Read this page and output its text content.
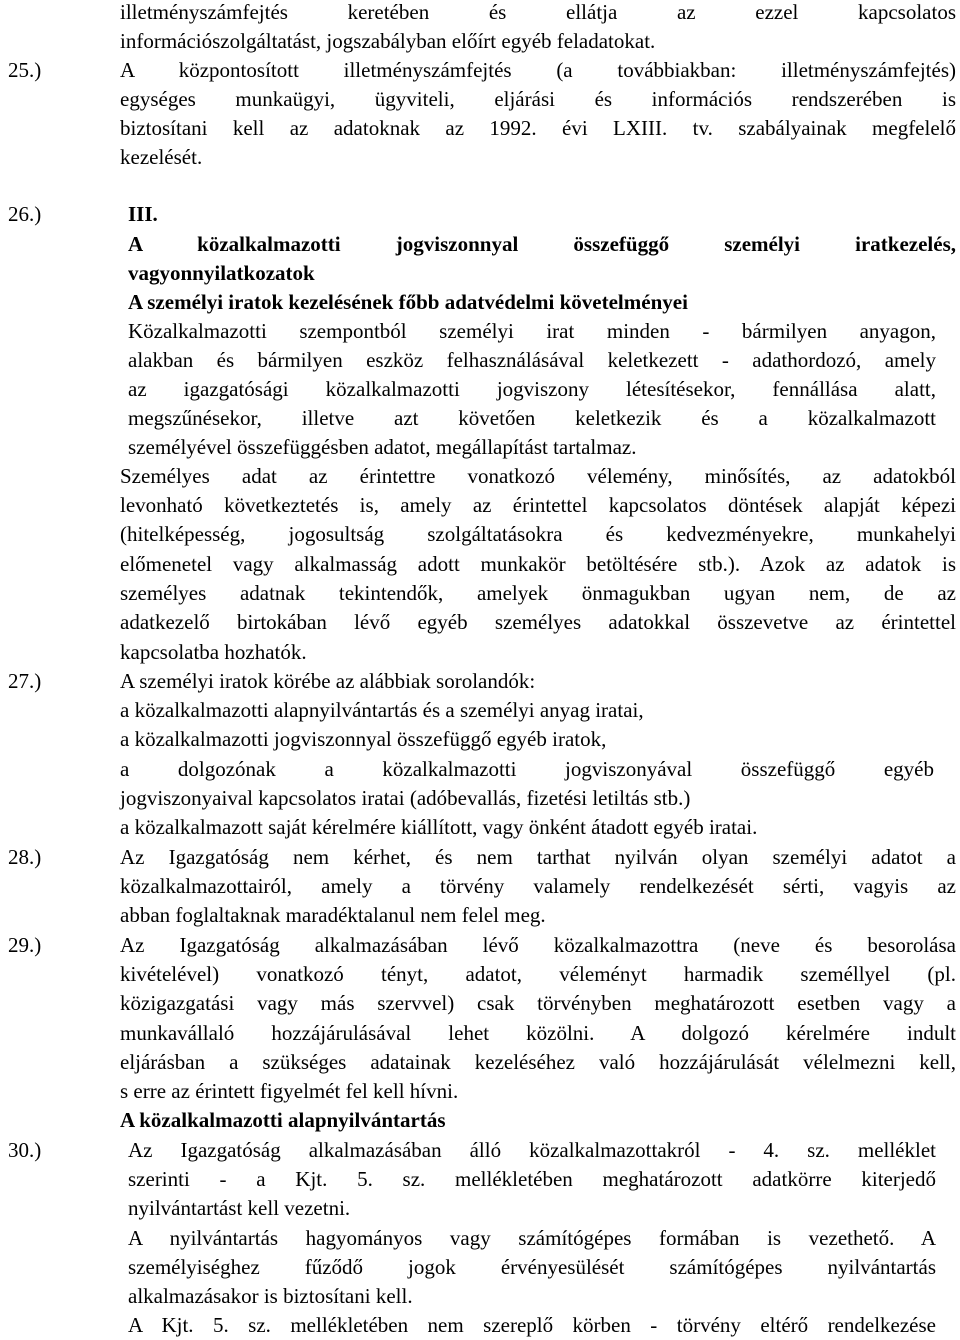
illetményszámfejtés keretében és ellátja az ezzel kapcsolatos
információszolgáltatást, jogszabályban előírt egyéb feladatokat.
25.)	A központosított illetményszámfejtés (a továbbiakban: illetményszámfejtés)
egységes munkaügyi, ügyviteli, eljárási és információs rendszerében is
biztosítani kell az adatoknak az 1992. évi LXIII. tv. szabályainak megfelelő
kezelését.
26.)	III.
A közalkalmazotti jogviszonnyal összefüggő személyi iratkezelés,
vagyonnyilatkozatok
A személyi iratok kezelésének főbb adatvédelmi követelményei
Közalkalmazotti szempontból személyi irat minden - bármilyen anyagon,
alakban és bármilyen eszköz felhasználásával keletkezett - adathordozó, amely
az igazgatósági közalkalmazotti jogviszony létesítésekor, fennállása alatt,
megszűnésekor, illetve azt követően keletkezik és a közalkalmazott
személyével összefüggésben adatot, megállapítást tartalmaz.
Személyes adat az érintettre vonatkozó vélemény, minősítés, az adatokból
levonható következtetés is, amely az érintettel kapcsolatos döntések alapját képezi
(hitelképesség, jogosultság szolgáltatásokra és kedvezményekre, munkahelyi
előmenetel vagy alkalmasság adott munkakör betöltésére stb.). Azok az adatok is
személyes adatnak tekintendők, amelyek önmagukban ugyan nem, de az
adatkezelő birtokában lévő egyéb személyes adatokkal összevetve az érintettel
kapcsolatba hozhatók.
27.)	A személyi iratok körébe az alábbiak sorolandók:
a közalkalmazotti alapnyilvántartás és a személyi anyag iratai,
a közalkalmazotti jogviszonnyal összefüggő egyéb iratok,
a dolgozónak a közalkalmazotti jogviszonyával összefüggő egyéb
jogviszonyaival kapcsolatos iratai (adóbevallás, fizetési letiltás stb.)
a közalkalmazott saját kérelmére kiállított, vagy önként átadott egyéb iratai.
28.)	Az Igazgatóság nem kérhet, és nem tarthat nyilván olyan személyi adatot a
közalkalmazottairól, amely a törvény valamely rendelkezését sérti, vagyis az
abban foglaltaknak maradéktalanul nem felel meg.
29.)	Az Igazgatóság alkalmazásában lévő közalkalmazottra (neve és besorolása
kivételével) vonatkozó tényt, adatot, véleményt harmadik személlyel (pl.
közigazgatási vagy más szervvel) csak törvényben meghatározott esetben vagy a
munkavállaló hozzájárulásával lehet közölni. A dolgozó kérelmére indult
eljárásban a szükséges adatainak kezeléséhez való hozzájárulását vélelmezni kell,
s erre az érintett figyelmét fel kell hívni.
A közalkalmazotti alapnyilvántartás
30.)	Az Igazgatóság alkalmazásában álló közalkalmazottakról - 4. sz. melléklet
szerinti - a Kjt. 5. sz. mellékletében meghatározott adatkörre kiterjedő
nyilvántartást kell vezetni.
A nyilvántartás hagyományos vagy számítógépes formában is vezethető. A
személyiséghez fűződő jogok érvényesülését számítógépes nyilvántartás
alkalmazásakor is biztosítani kell.
A Kjt. 5. sz. mellékletében nem szereplő körben - törvény eltérő rendelkezése
